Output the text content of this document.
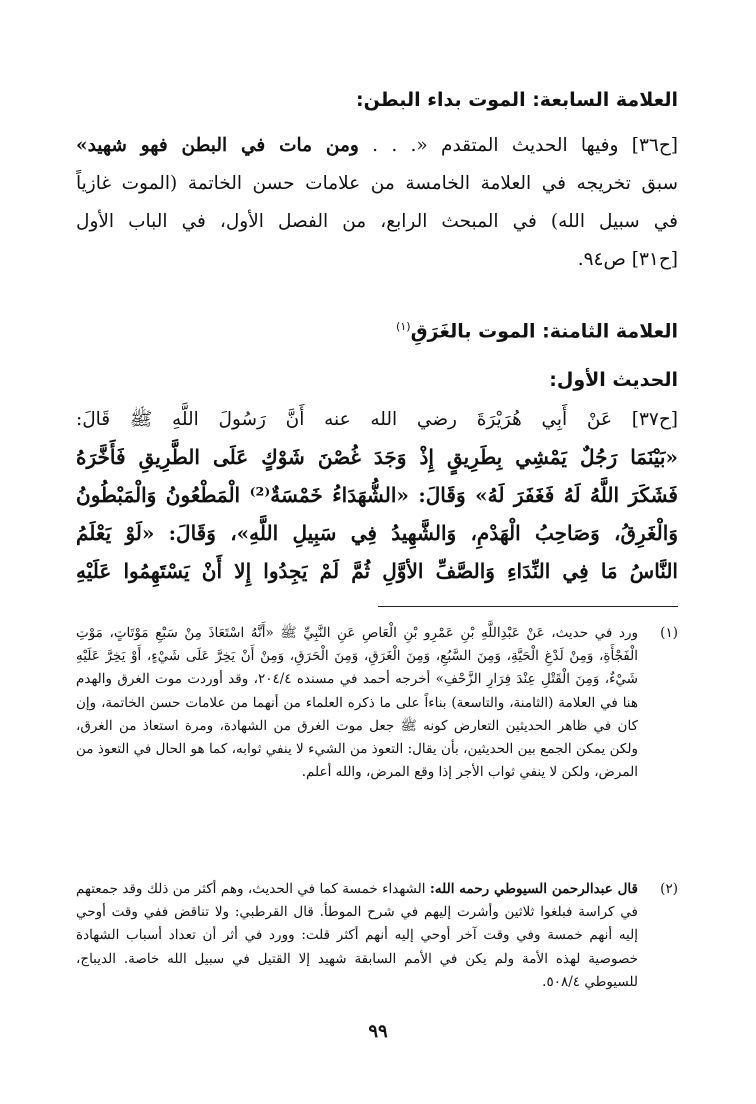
العلامة السابعة: الموت بداء البطن:
[ح٣٦] وفيها الحديث المتقدم «. . . ومن مات في البطن فهو شهيد»
سبق تخريجه في العلامة الخامسة من علامات حسن الخاتمة (الموت غازياً
في سبيل الله) في المبحث الرابع، من الفصل الأول، في الباب الأول
[ح٣١] ص٩٤.
العلامة الثامنة: الموت بالغَرَقِ$^{(١)}$
الحديث الأول:
[ح٣٧] عَنْ أَبِي هُرَيْرَةَ رضي الله عنه أَنَّ رَسُولَ اللَّهِ ﷺ قَالَ:
«بَيْنَمَا رَجُلٌ يَمْشِي بِطَرِيقٍ إِذْ وَجَدَ غُصْنَ شَوْكٍ عَلَى الطَّرِيقِ فَأَخَّرَهُ
فَشَكَرَ اللَّهُ لَهُ فَغَفَرَ لَهُ» وَقَالَ: «الشُّهَدَاءُ خَمْسَةٌ⁽²⁾ الْمَطْعُونُ وَالْمَبْطُونُ
وَالْغَرِقُ، وَصَاحِبُ الْهَدْمِ، وَالشَّهِيدُ فِي سَبِيلِ اللَّهِ»، وَقَالَ: «لَوْ يَعْلَمُ
النَّاسُ مَا فِي النِّدَاءِ وَالصَّفِّ الأوَّلِ ثُمَّ لَمْ يَجِدُوا إِلا أَنْ يَسْتَهِمُوا عَلَيْهِ
(١)
ورد في حديث، عَنْ عَبْدِاللَّهِ بْنِ عَمْرِو بْنِ الْعَاصِ عَنِ النَّبِيِّ ﷺ «أَنَّهُ اسْتَعَاذَ مِنْ سَبْعِ مَوْتَاتٍ، مَوْتِ الْفَجْأَةِ، وَمِنْ لَدْغِ الْحَيَّةِ، وَمِنَ السَّبُعِ، وَمِنَ الْغَرَقِ، وَمِنَ الْحَرَقِ، وَمِنْ أَنْ يَخِرَّ عَلَى شَيْءٍ، أَوْ يَخِرَّ عَلَيْهِ شَيْءٌ، وَمِنَ الْقَتْلِ عِنْدَ فِرَارِ الزَّحْفِ» أخرجه أحمد في مسنده ٢٠٤/٤، وقد أوردت موت الغرق والهدم هنا في العلامة (الثامنة، والتاسعة) بناءاً على ما ذكره العلماء من أنهما من علامات حسن الخاتمة، وإن كان في ظاهر الحديثين التعارض كونه ﷺ جعل موت الغرق من الشهادة، ومرة استعاذ من الغرق، ولكن يمكن الجمع بين الحديثين، بأن يقال: التعوذ من الشيء لا ينفي ثوابه، كما هو الحال في التعوذ من المرض، ولكن لا ينفي ثواب الأجر إذا وقع المرض، والله أعلم.
(٢)
قال عبدالرحمن السيوطي رحمه الله: الشهداء خمسة كما في الحديث، وهم أكثر من ذلك وقد جمعتهم في كراسة فبلغوا ثلاثين وأشرت إليهم في شرح الموطأ. قال القرطبي: ولا تناقض ففي وقت أوحي إليه أنهم خمسة وفي وقت آخر أوحي إليه أنهم أكثر قلت: وورد في أثر أن تعداد أسباب الشهادة خصوصية لهذه الأمة ولم يكن في الأمم السابقة شهيد إلا القتيل في سبيل الله خاصة. الديباج، للسيوطي ٥٠٨/٤.
٩٩
